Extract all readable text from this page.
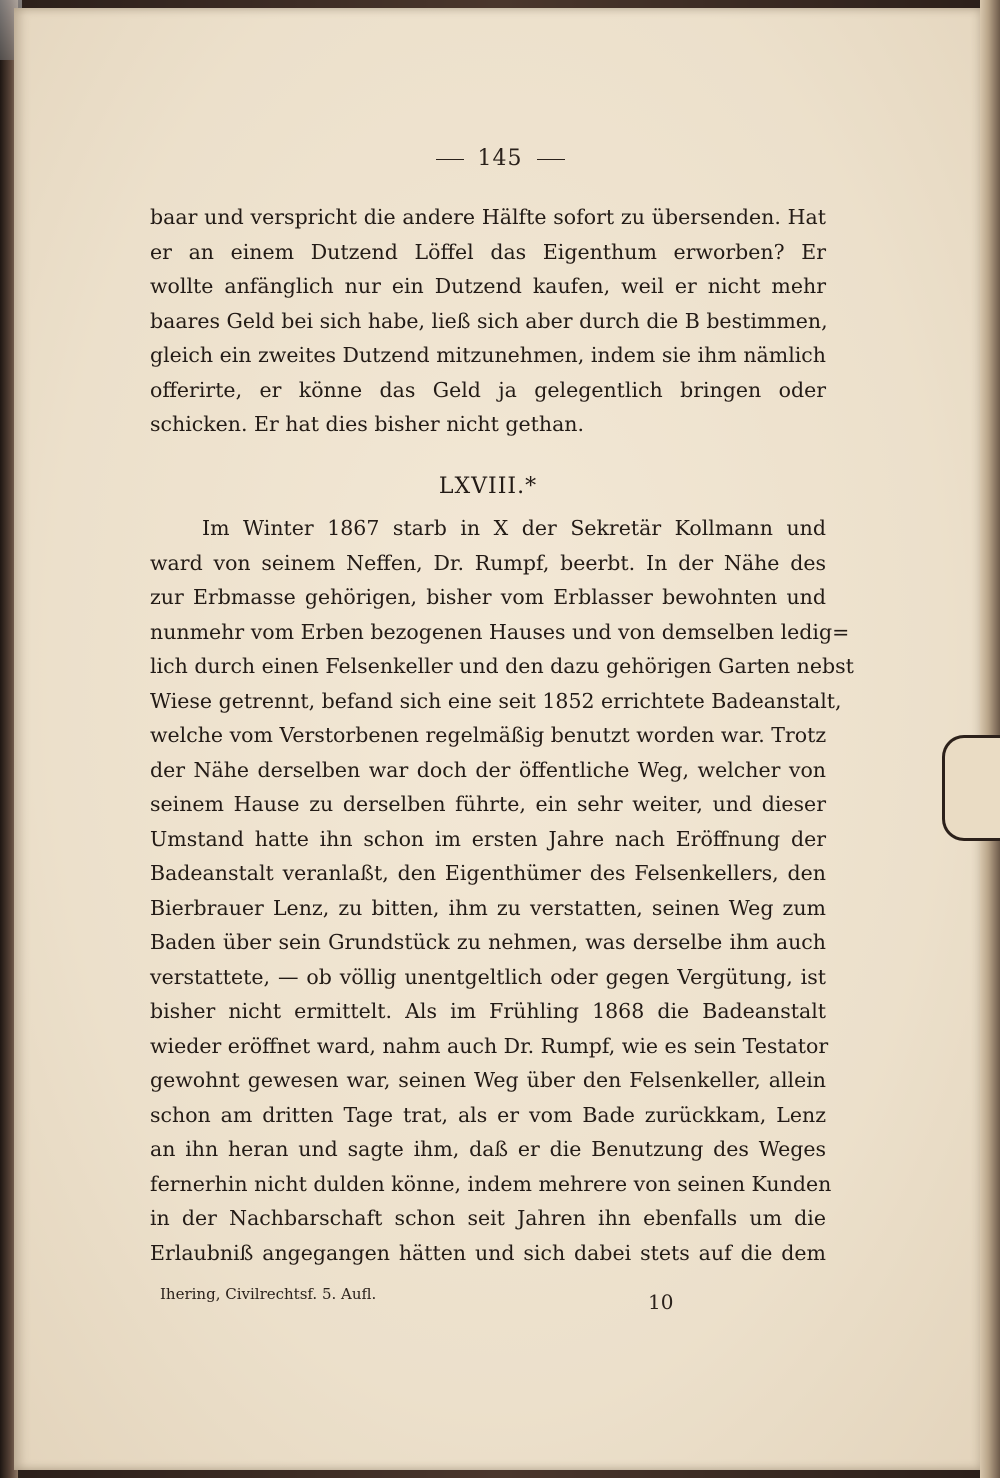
145
baar und verspricht die andere Hälfte sofort zu übersenden. Hat
er an einem Dutzend Löffel das Eigenthum erworben? Er
wollte anfänglich nur ein Dutzend kaufen, weil er nicht mehr
baares Geld bei sich habe, ließ sich aber durch die B bestimmen,
gleich ein zweites Dutzend mitzunehmen, indem sie ihm nämlich
offerirte, er könne das Geld ja gelegentlich bringen oder
schicken. Er hat dies bisher nicht gethan.
LXVIII.*
Im Winter 1867 starb in X der Sekretär Kollmann und
ward von seinem Neffen, Dr. Rumpf, beerbt. In der Nähe des
zur Erbmasse gehörigen, bisher vom Erblasser bewohnten und
nunmehr vom Erben bezogenen Hauses und von demselben ledig=
lich durch einen Felsenkeller und den dazu gehörigen Garten nebst
Wiese getrennt, befand sich eine seit 1852 errichtete Badeanstalt,
welche vom Verstorbenen regelmäßig benutzt worden war. Trotz
der Nähe derselben war doch der öffentliche Weg, welcher von
seinem Hause zu derselben führte, ein sehr weiter, und dieser
Umstand hatte ihn schon im ersten Jahre nach Eröffnung der
Badeanstalt veranlaßt, den Eigenthümer des Felsenkellers, den
Bierbrauer Lenz, zu bitten, ihm zu verstatten, seinen Weg zum
Baden über sein Grundstück zu nehmen, was derselbe ihm auch
verstattete, — ob völlig unentgeltlich oder gegen Vergütung, ist
bisher nicht ermittelt. Als im Frühling 1868 die Badeanstalt
wieder eröffnet ward, nahm auch Dr. Rumpf, wie es sein Testator
gewohnt gewesen war, seinen Weg über den Felsenkeller, allein
schon am dritten Tage trat, als er vom Bade zurückkam, Lenz
an ihn heran und sagte ihm, daß er die Benutzung des Weges
fernerhin nicht dulden könne, indem mehrere von seinen Kunden
in der Nachbarschaft schon seit Jahren ihn ebenfalls um die
Erlaubniß angegangen hätten und sich dabei stets auf die dem
Ihering, Civilrechtsf. 5. Aufl.	10
